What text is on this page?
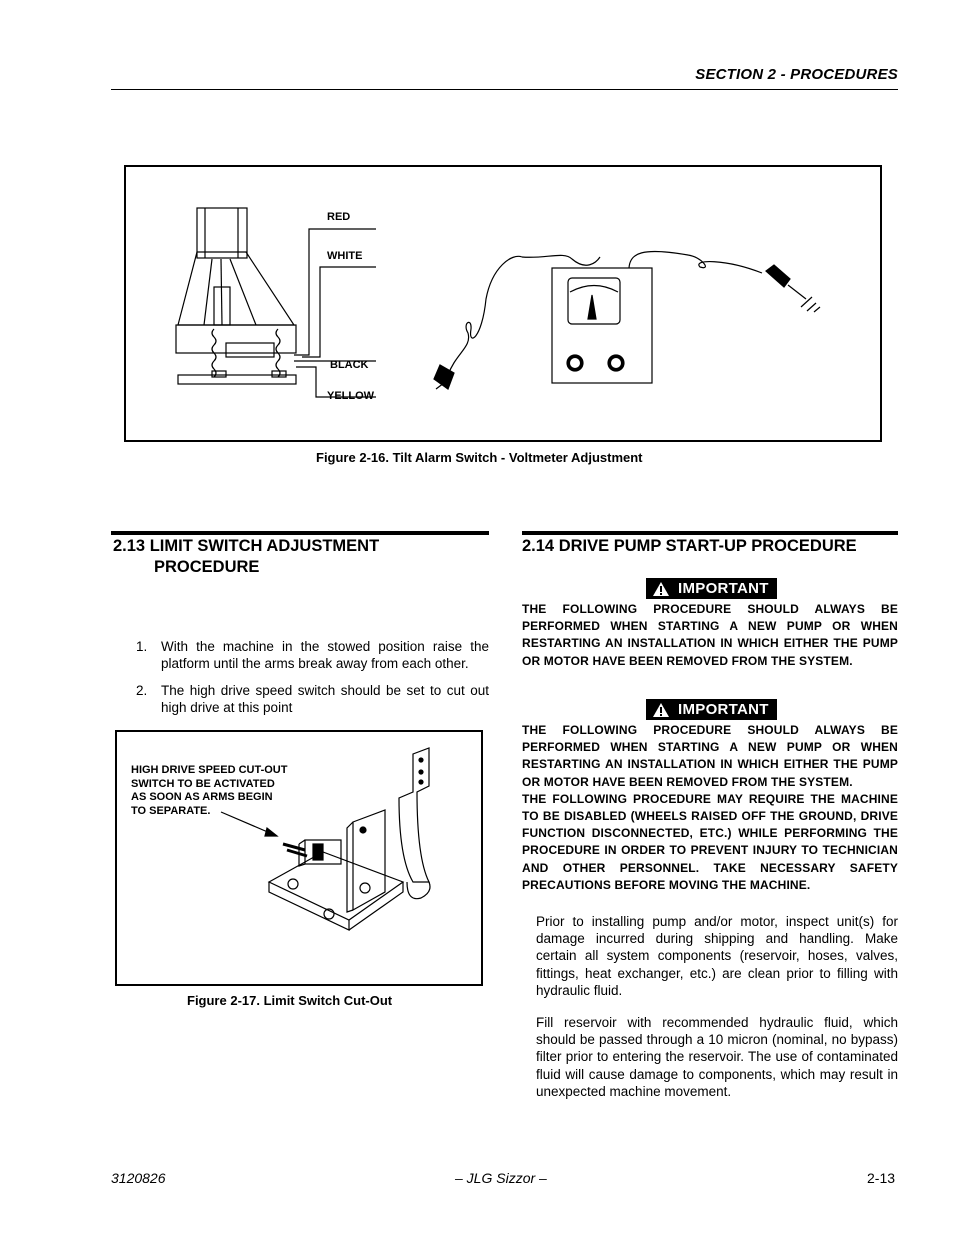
SECTION 2 - PROCEDURES
RED
WHITE
BLACK
YELLOW
Figure 2-16. Tilt Alarm Switch - Voltmeter Adjustment
2.13 LIMIT SWITCH ADJUSTMENT
PROCEDURE
1.	With the machine in the stowed position raise the platform until the arms break away from each other.
2.	The high drive speed switch should be set to cut out high drive at this point
HIGH DRIVE SPEED CUT-OUT
SWITCH TO BE ACTIVATED
AS SOON AS ARMS BEGIN
TO SEPARATE.
Figure 2-17. Limit Switch Cut-Out
2.14 DRIVE PUMP START-UP PROCEDURE
IMPORTANT

THE FOLLOWING PROCEDURE SHOULD ALWAYS BE PERFORMED WHEN STARTING A NEW PUMP OR WHEN RESTARTING AN INSTALLATION IN WHICH EITHER THE PUMP OR MOTOR HAVE BEEN REMOVED FROM THE SYSTEM.

IMPORTANT

THE FOLLOWING PROCEDURE SHOULD ALWAYS BE PERFORMED WHEN STARTING A NEW PUMP OR WHEN RESTARTING AN INSTALLATION IN WHICH EITHER THE PUMP OR MOTOR HAVE BEEN REMOVED FROM THE SYSTEM.

THE FOLLOWING PROCEDURE MAY REQUIRE THE MACHINE TO BE DISABLED (WHEELS RAISED OFF THE GROUND, DRIVE FUNCTION DISCONNECTED, ETC.) WHILE PERFORMING THE PROCEDURE IN ORDER TO PREVENT INJURY TO TECHNICIAN AND OTHER PERSONNEL. TAKE NECESSARY SAFETY PRECAUTIONS BEFORE MOVING THE MACHINE.

Prior to installing pump and/or motor, inspect unit(s) for damage incurred during shipping and handling. Make certain all system components (reservoir, hoses, valves, fittings, heat exchanger, etc.) are clean prior to filling with hydraulic fluid.

Fill reservoir with recommended hydraulic fluid, which should be passed through a 10 micron (nominal, no bypass) filter prior to entering the reservoir. The use of contaminated fluid will cause damage to components, which may result in unexpected machine movement.

3120826	– JLG Sizzor –	2-13
